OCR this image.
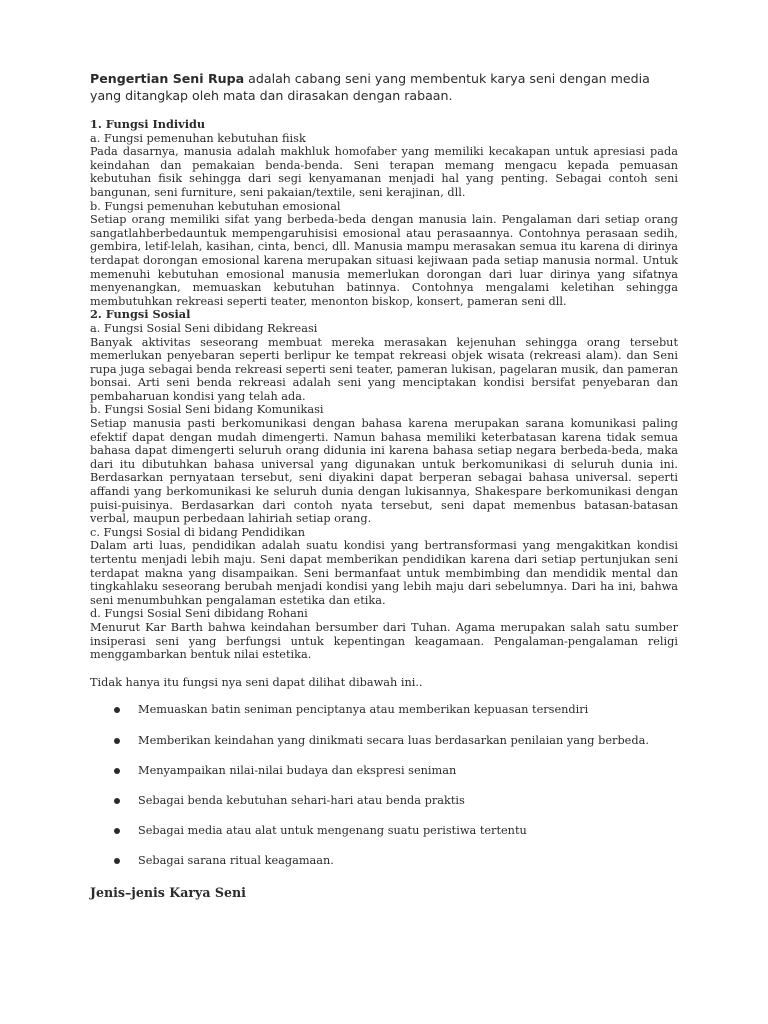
Pengertian Seni Rupa adalah cabang seni yang membentuk karya seni dengan media yang ditangkap oleh mata dan dirasakan dengan rabaan.

1. Fungsi Individu

a. Fungsi pemenuhan kebutuhan fiisk

Pada dasarnya, manusia adalah makhluk homofaber yang memiliki kecakapan untuk apresiasi pada keindahan dan pemakaian benda-benda. Seni terapan memang mengacu kepada pemuasan kebutuhan fisik sehingga dari segi kenyamanan menjadi hal yang penting. Sebagai contoh seni bangunan, seni furniture, seni pakaian/textile, seni kerajinan, dll.

b. Fungsi pemenuhan kebutuhan emosional

Setiap orang memiliki sifat yang berbeda-beda dengan manusia lain. Pengalaman dari setiap orang sangatlahberbedauntuk mempengaruhisisi emosional atau perasaannya. Contohnya perasaan sedih, gembira, letif-lelah, kasihan, cinta, benci, dll. Manusia mampu merasakan semua itu karena di dirinya terdapat dorongan emosional karena merupakan situasi kejiwaan pada setiap manusia normal. Untuk memenuhi kebutuhan emosional manusia memerlukan dorongan dari luar dirinya yang sifatnya menyenangkan, memuaskan kebutuhan batinnya. Contohnya mengalami keletihan sehingga membutuhkan rekreasi seperti teater, menonton biskop, konsert, pameran seni dll.

2. Fungsi Sosial

a. Fungsi Sosial Seni dibidang Rekreasi

Banyak aktivitas seseorang membuat mereka merasakan kejenuhan sehingga orang tersebut memerlukan penyebaran seperti berlipur ke tempat rekreasi objek wisata (rekreasi alam). dan Seni rupa juga sebagai benda rekreasi seperti seni teater, pameran lukisan, pagelaran musik, dan pameran bonsai. Arti seni benda rekreasi adalah seni yang menciptakan kondisi bersifat penyebaran dan pembaharuan kondisi yang telah ada.

b. Fungsi Sosial Seni bidang Komunikasi

Setiap manusia pasti berkomunikasi dengan bahasa karena merupakan sarana komunikasi paling efektif dapat dengan mudah dimengerti. Namun bahasa memiliki keterbatasan karena tidak semua bahasa dapat dimengerti seluruh orang didunia ini karena bahasa setiap negara berbeda-beda, maka dari itu dibutuhkan bahasa universal yang digunakan untuk berkomunikasi di seluruh dunia ini. Berdasarkan pernyataan tersebut, seni diyakini dapat berperan sebagai bahasa universal. seperti affandi yang berkomunikasi ke seluruh dunia dengan lukisannya, Shakespare berkomunikasi dengan puisi-puisinya. Berdasarkan dari contoh nyata tersebut, seni dapat memenbus batasan-batasan verbal, maupun perbedaan lahiriah setiap orang.

c. Fungsi Sosial di bidang Pendidikan

Dalam arti luas, pendidikan adalah suatu kondisi yang bertransformasi yang mengakitkan kondisi tertentu menjadi lebih maju. Seni dapat memberikan pendidikan karena dari setiap pertunjukan seni terdapat makna yang disampaikan. Seni bermanfaat untuk membimbing dan mendidik mental dan tingkahlaku seseorang berubah menjadi kondisi yang lebih maju dari sebelumnya. Dari ha ini, bahwa seni menumbuhkan pengalaman estetika dan etika.

d. Fungsi Sosial Seni dibidang Rohani

Menurut Kar Barth bahwa keindahan bersumber dari Tuhan. Agama merupakan salah satu sumber insiperasi seni yang berfungsi untuk kepentingan keagamaan. Pengalaman-pengalaman religi menggambarkan bentuk nilai estetika.

Tidak hanya itu fungsi nya seni dapat dilihat dibawah ini..

Memuaskan batin seniman penciptanya atau memberikan kepuasan tersendiri
Memberikan keindahan yang dinikmati secara luas berdasarkan penilaian yang berbeda.
Menyampaikan nilai-nilai budaya dan ekspresi seniman
Sebagai benda kebutuhan sehari-hari atau benda praktis
Sebagai media atau alat untuk mengenang suatu peristiwa tertentu
Sebagai sarana ritual keagamaan.

Jenis–jenis Karya Seni
